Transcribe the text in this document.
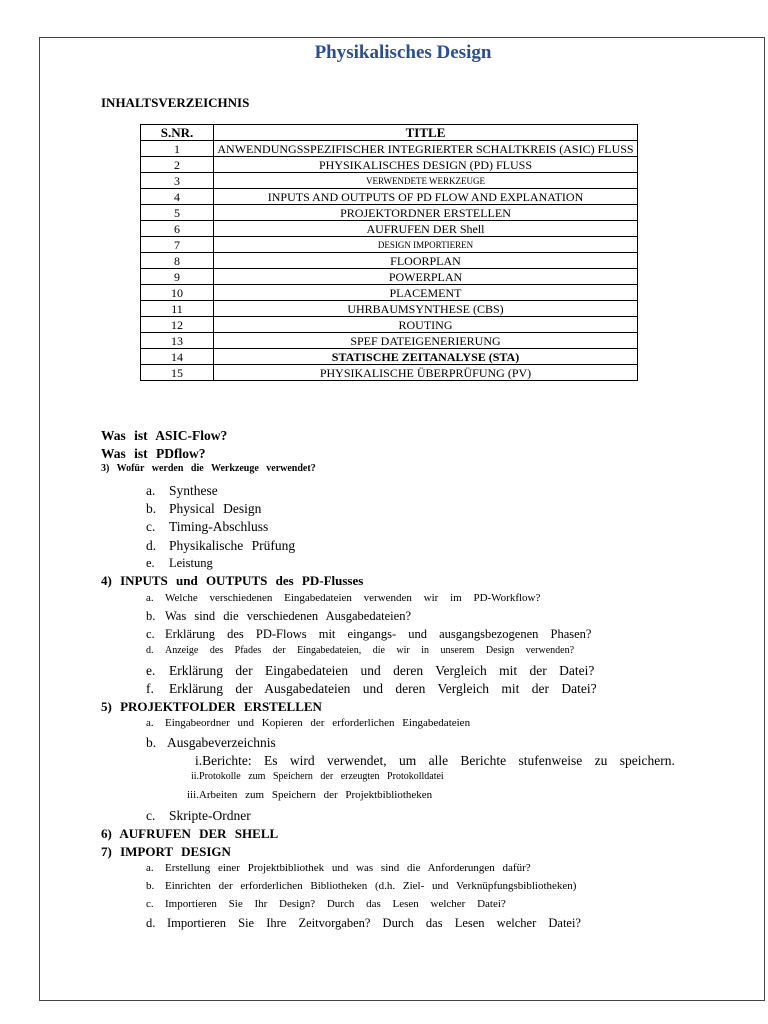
Physikalisches Design
INHALTSVERZEICHNIS
S.NR.	TITLE
1	ANWENDUNGSSPEZIFISCHER INTEGRIERTER SCHALTKREIS (ASIC) FLUSS
2	PHYSIKALISCHES DESIGN (PD) FLUSS
3	VERWENDETE WERKZEUGE
4	INPUTS AND OUTPUTS OF PD FLOW AND EXPLANATION
5	PROJEKTORDNER ERSTELLEN
6	AUFRUFEN DER Shell
7	DESIGN IMPORTIEREN
8	FLOORPLAN
9	POWERPLAN
10	PLACEMENT
11	UHRBAUMSYNTHESE (CBS)
12	ROUTING
13	SPEF DATEIGENERIERUNG
14	STATISCHE ZEITANALYSE (STA)
15	PHYSIKALISCHE ÜBERPRÜFUNG (PV)
Was ist ASIC-Flow?
Was ist PDflow?
3) Wofür werden die Werkzeuge verwendet?
a. Synthese
b. Physical Design
c. Timing-Abschluss
d. Physikalische Prüfung
e. Leistung
4) INPUTS und OUTPUTS des PD-Flusses
a. Welche verschiedenen Eingabedateien verwenden wir im PD-Workflow?
b. Was sind die verschiedenen Ausgabedateien?
c. Erklärung des PD-Flows mit eingangs- und ausgangsbezogenen Phasen?
d. Anzeige des Pfades der Eingabedateien, die wir in unserem Design verwenden?
e. Erklärung der Eingabedateien und deren Vergleich mit der Datei?
f. Erklärung der Ausgabedateien und deren Vergleich mit der Datei?
5) PROJEKTFOLDER ERSTELLEN
a. Eingabeordner und Kopieren der erforderlichen Eingabedateien
b. Ausgabeverzeichnis
i.Berichte: Es wird verwendet, um alle Berichte stufenweise zu speichern.
ii.Protokolle zum Speichern der erzeugten Protokolldatei
iii.Arbeiten zum Speichern der Projektbibliotheken
c. Skripte-Ordner
6) AUFRUFEN DER SHELL
7) IMPORT DESIGN
a. Erstellung einer Projektbibliothek und was sind die Anforderungen dafür?
b. Einrichten der erforderlichen Bibliotheken (d.h. Ziel- und Verknüpfungsbibliotheken)
c. Importieren Sie Ihr Design? Durch das Lesen welcher Datei?
d. Importieren Sie Ihre Zeitvorgaben? Durch das Lesen welcher Datei?
